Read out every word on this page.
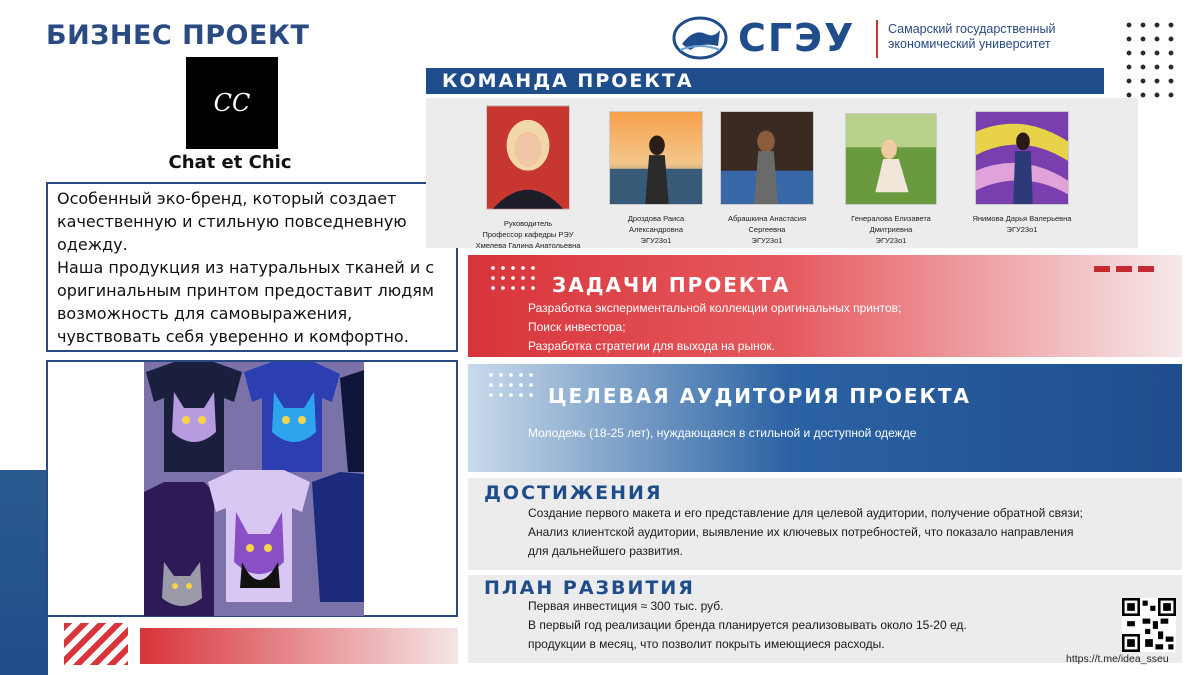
БИЗНЕС ПРОЕКТ	СГЭУ	Самарский государственный
экономический университет
CC
Chat et Chic
Особенный эко-бренд, который создает
качественную и стильную повседневную
одежду.
Наша продукция из натуральных тканей и с
оригинальным принтом предоставит людям
возможность для самовыражения,
чувствовать себя уверенно и комфортно.
КОМАНДА ПРОЕКТА
Руководитель
Профессор кафедры РЭУ
Хмелева Галина Анатольевна
Дроздова Раиса
Александровна
ЭГУ23о1
Абрашкина Анастасия
Сергеевна
ЭГУ23о1
Генералова Елизавета
Дмитриевна
ЭГУ23о1
Янимова Дарья Валерьевна
ЭГУ23о1
ЗАДАЧИ ПРОЕКТА
Разработка экспериментальной коллекции оригинальных принтов;
Поиск инвестора;
Разработка стратегии для выхода на рынок.
ЦЕЛЕВАЯ АУДИТОРИЯ ПРОЕКТА
Молодежь (18-25 лет), нуждающаяся в стильной и доступной одежде
ДОСТИЖЕНИЯ
Создание первого макета и его представление для целевой аудитории, получение обратной связи;
Анализ клиентской аудитории, выявление их ключевых потребностей, что показало направления
для дальнейшего развития.
ПЛАН РАЗВИТИЯ
Первая инвестиция ≈ 300 тыс. руб.
В первый год реализации бренда планируется реализовывать около 15-20 ед.
продукции в месяц, что позволит покрыть имеющиеся расходы.
https://t.me/idea_sseu
